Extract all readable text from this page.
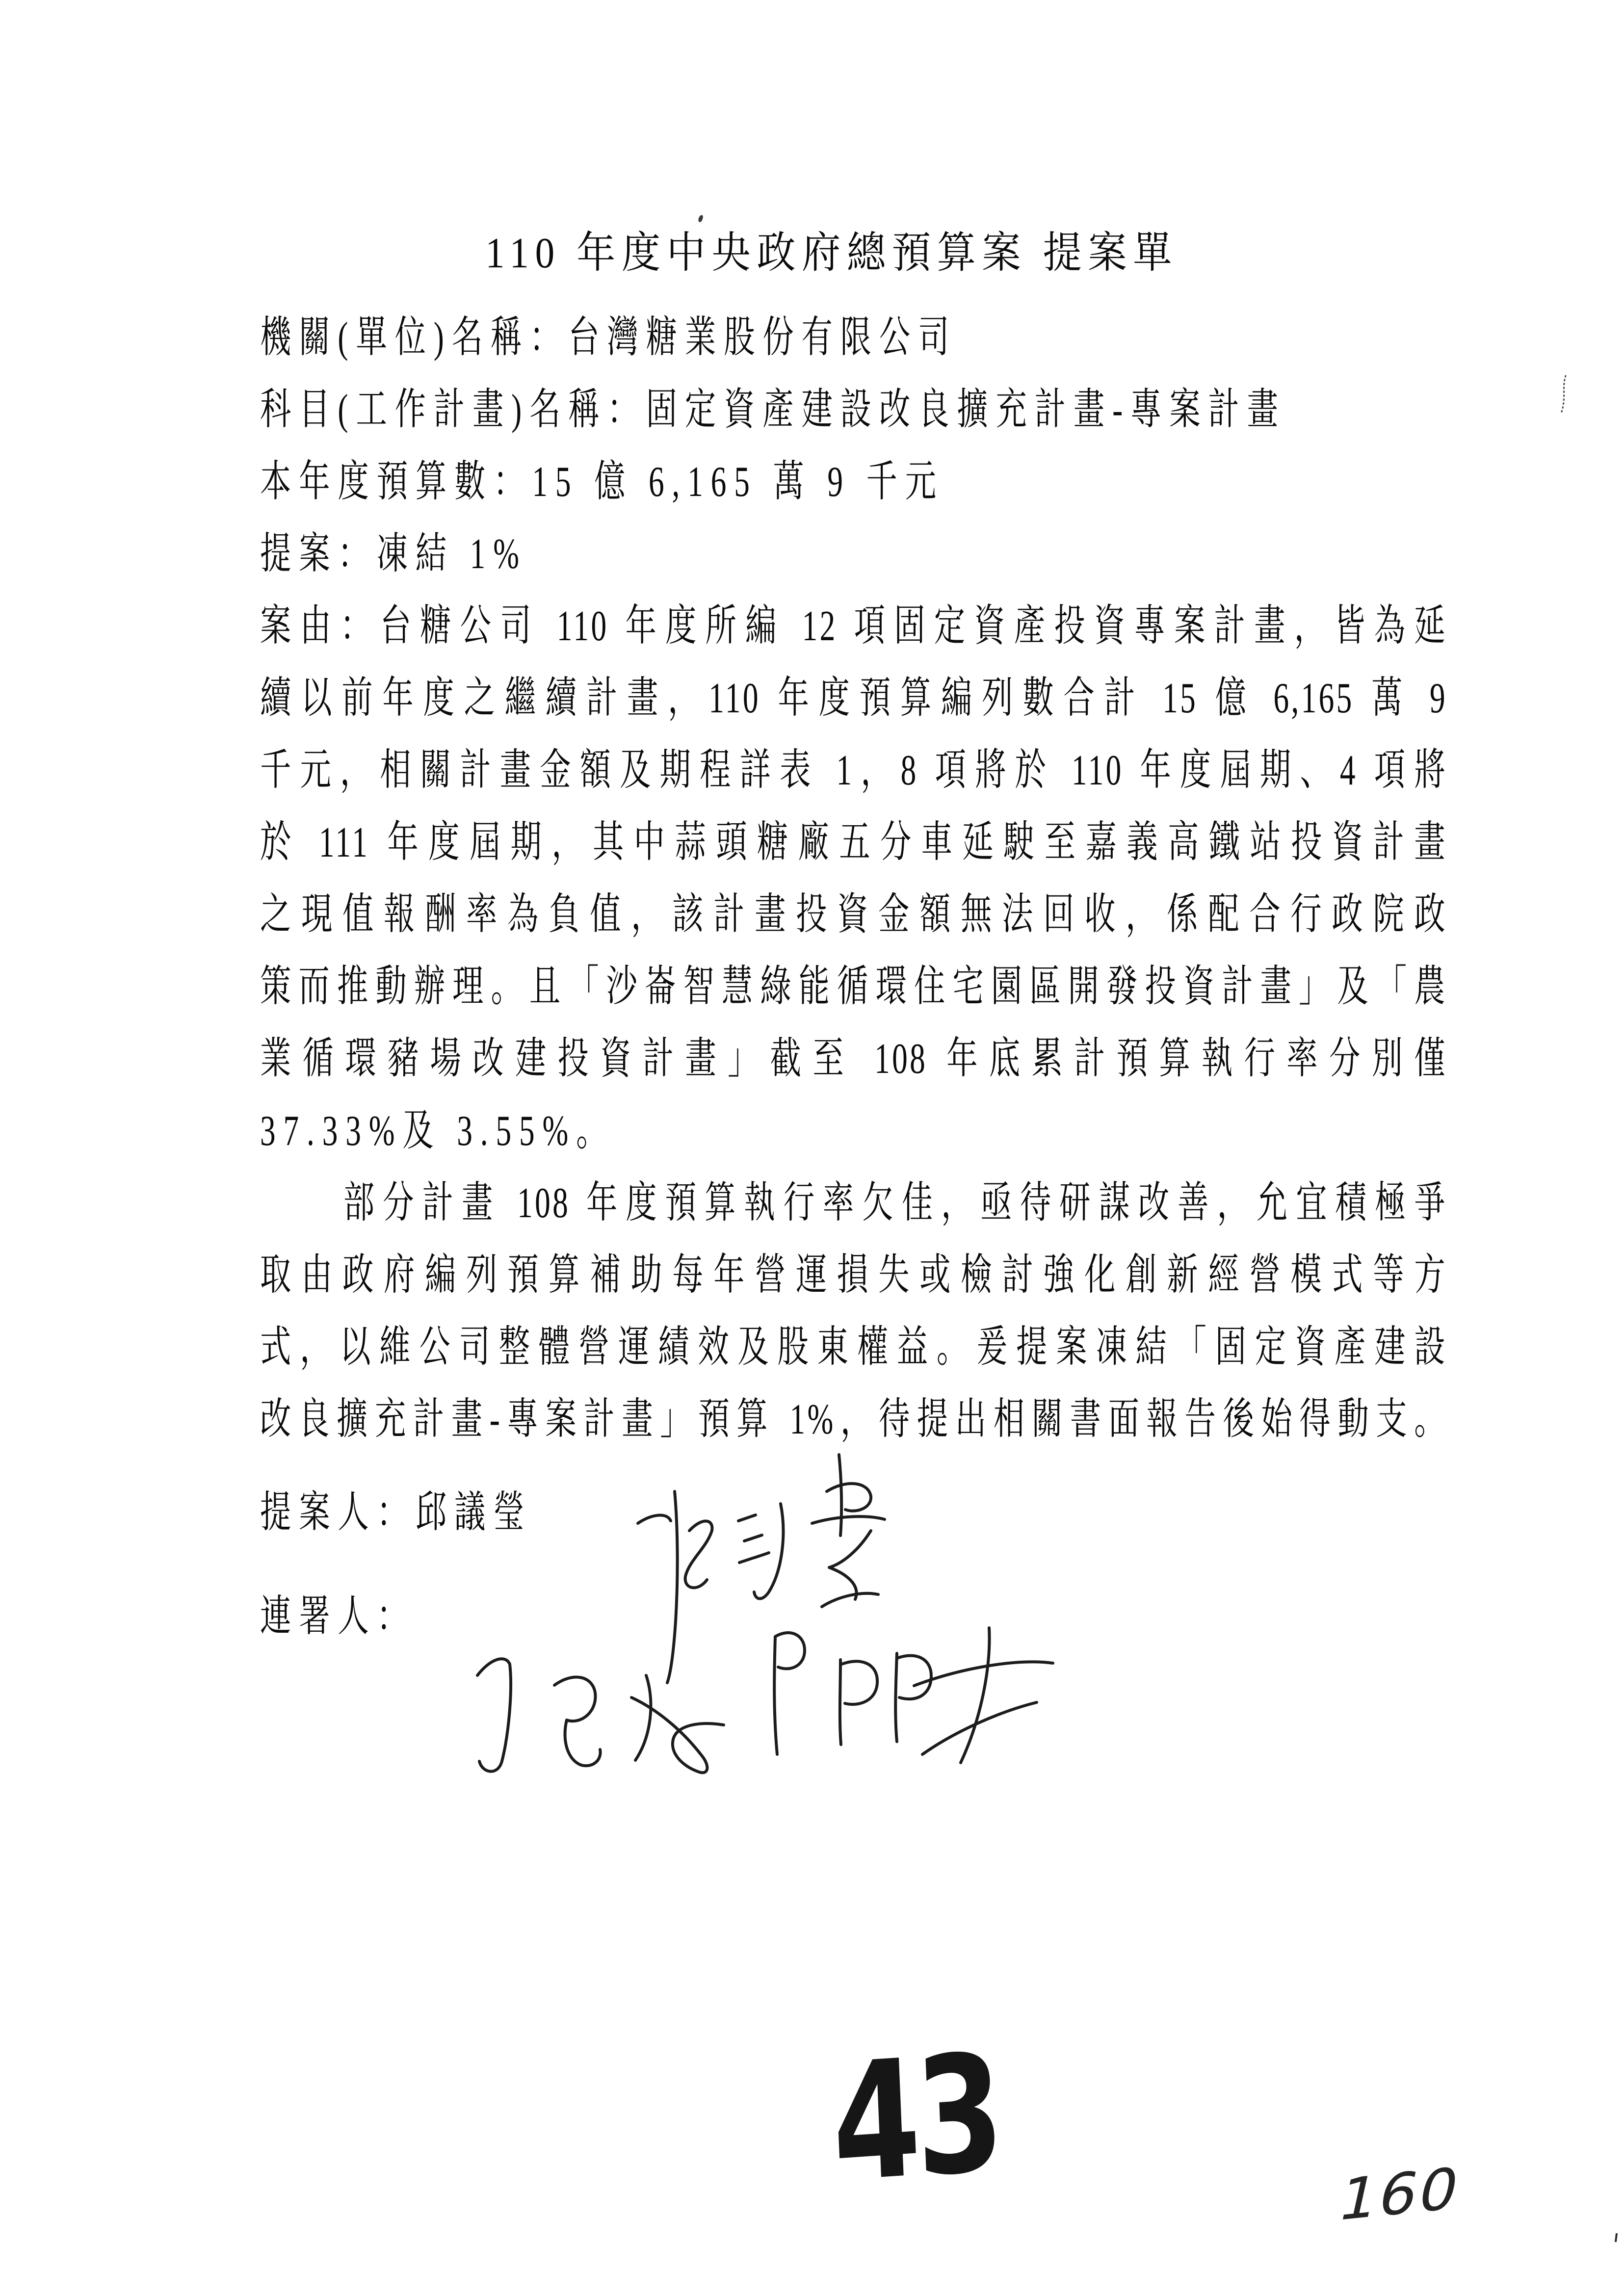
110 年度中央政府總預算案 提案單
機關(單位)名稱：台灣糖業股份有限公司
科目(工作計畫)名稱：固定資產建設改良擴充計畫-專案計畫
本年度預算數：15 億 6,165 萬 9 千元
提案：凍結 1%
案由：台糖公司 110 年度所編 12 項固定資產投資專案計畫，皆為延
續以前年度之繼續計畫，110 年度預算編列數合計 15 億 6,165 萬 9
千元，相關計畫金額及期程詳表 1，8 項將於 110 年度屆期、4 項將
於 111 年度屆期，其中蒜頭糖廠五分車延駛至嘉義高鐵站投資計畫
之現值報酬率為負值，該計畫投資金額無法回收，係配合行政院政
策而推動辦理。且「沙崙智慧綠能循環住宅園區開發投資計畫」及「農
業循環豬場改建投資計畫」截至 108 年底累計預算執行率分別僅
37.33%及 3.55%。
部分計畫 108 年度預算執行率欠佳，亟待研謀改善，允宜積極爭
取由政府編列預算補助每年營運損失或檢討強化創新經營模式等方
式，以維公司整體營運績效及股東權益。爰提案凍結「固定資產建設
改良擴充計畫-專案計畫」預算 1%，待提出相關書面報告後始得動支。
提案人：邱議瑩
連署人：
43	160
